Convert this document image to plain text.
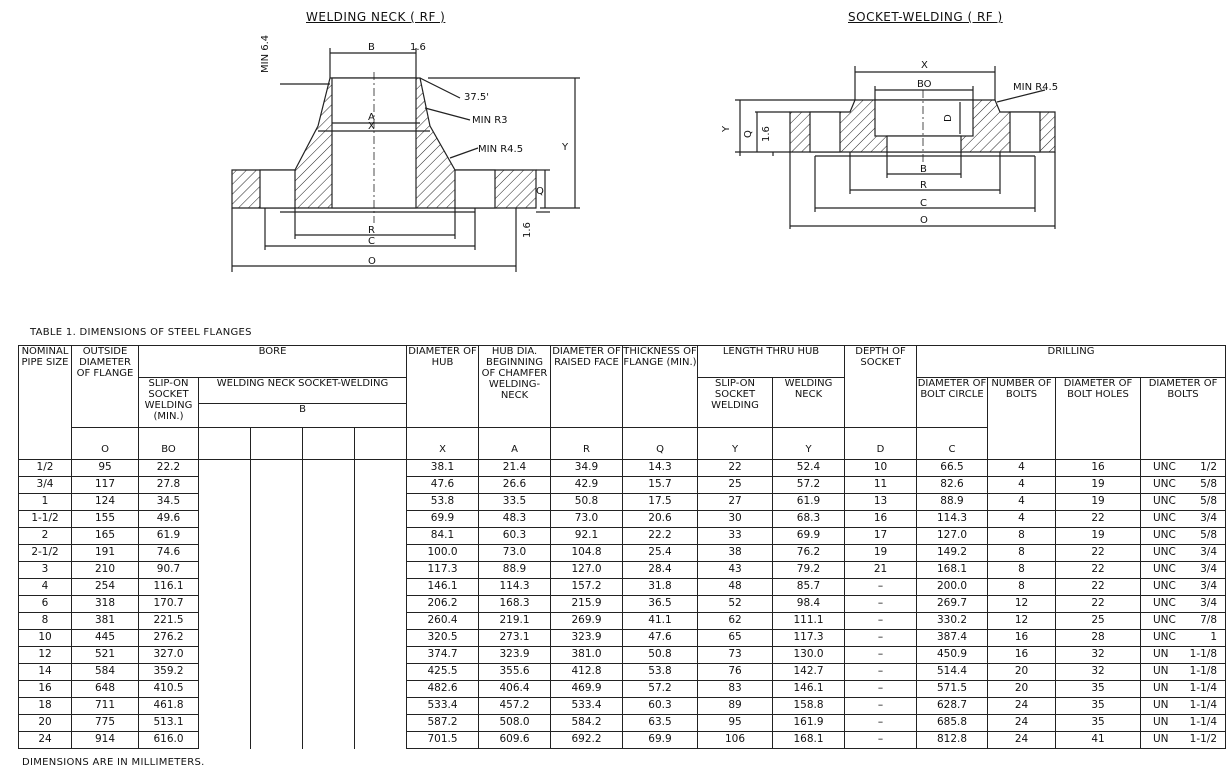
WELDING NECK ( RF )	SOCKET-WELDING ( RF )
MIN 6.4	B	1.6
37.5'
A
X
MIN R3
MIN R4.5	Y
Q
1.6
R
C
O
X
BO	MIN R4.5
Y
Q 1.6
D
B
R
C
O
TABLE 1. DIMENSIONS OF STEEL FLANGES
NOMINAL PIPE SIZE	OUTSIDE DIAMETER OF FLANGE	BORE					DIAMETER OF HUB	HUB DIA. BEGINNING OF CHAMFER WELDING-NECK	DIAMETER OF RAISED FACE	THICKNESS OF FLANGE (MIN.)	LENGTH THRU HUB		DEPTH OF SOCKET	DRILLING				
		SLIP-ON SOCKET WELDING (MIN.)	WELDING NECK SOCKET-WELDING								SLIP-ON SOCKET WELDING	WELDING NECK		DIAMETER OF BOLT CIRCLE	NUMBER OF BOLTS	DIAMETER OF BOLT HOLES	DIAMETER OF BOLTS	
			B															
	O	BO					X	A	R	Q	Y	Y	D	C				
1/2	95	22.2					38.1	21.4	34.9	14.3	22	52.4	10	66.5	4	16	UNC	1/2
3/4	117	27.8					47.6	26.6	42.9	15.7	25	57.2	11	82.6	4	19	UNC	5/8
1	124	34.5					53.8	33.5	50.8	17.5	27	61.9	13	88.9	4	19	UNC	5/8
1-1/2	155	49.6					69.9	48.3	73.0	20.6	30	68.3	16	114.3	4	22	UNC	3/4
2	165	61.9					84.1	60.3	92.1	22.2	33	69.9	17	127.0	8	19	UNC	5/8
2-1/2	191	74.6					100.0	73.0	104.8	25.4	38	76.2	19	149.2	8	22	UNC	3/4
3	210	90.7					117.3	88.9	127.0	28.4	43	79.2	21	168.1	8	22	UNC	3/4
4	254	116.1					146.1	114.3	157.2	31.8	48	85.7	–	200.0	8	22	UNC	3/4
6	318	170.7					206.2	168.3	215.9	36.5	52	98.4	–	269.7	12	22	UNC	3/4
8	381	221.5					260.4	219.1	269.9	41.1	62	111.1	–	330.2	12	25	UNC	7/8
10	445	276.2					320.5	273.1	323.9	47.6	65	117.3	–	387.4	16	28	UNC	1
12	521	327.0					374.7	323.9	381.0	50.8	73	130.0	–	450.9	16	32	UN	1-1/8
14	584	359.2					425.5	355.6	412.8	53.8	76	142.7	–	514.4	20	32	UN	1-1/8
16	648	410.5					482.6	406.4	469.9	57.2	83	146.1	–	571.5	20	35	UN	1-1/4
18	711	461.8					533.4	457.2	533.4	60.3	89	158.8	–	628.7	24	35	UN	1-1/4
20	775	513.1					587.2	508.0	584.2	63.5	95	161.9	–	685.8	24	35	UN	1-1/4
24	914	616.0					701.5	609.6	692.2	69.9	106	168.1	–	812.8	24	41	UN	1-1/2
DIMENSIONS ARE IN MILLIMETERS.
